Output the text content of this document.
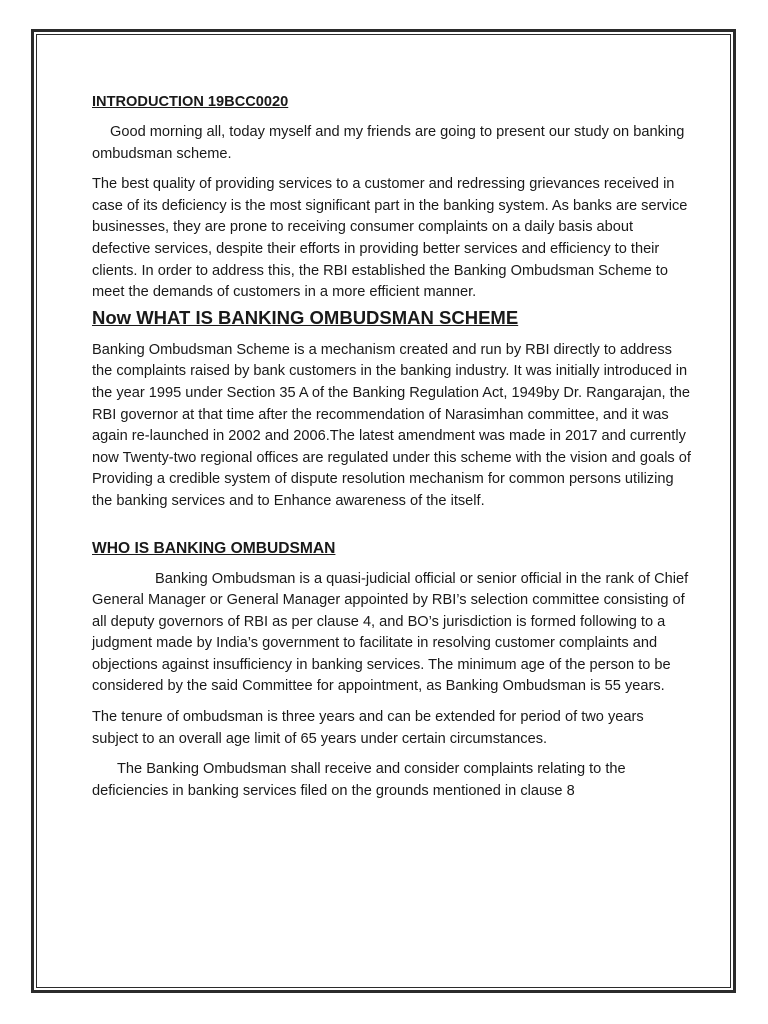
INTRODUCTION 19BCC0020

Good morning all, today myself and my friends are going to present our study on banking ombudsman scheme.

The best quality of providing services to a customer and redressing grievances received in case of its deficiency is the most significant part in the banking system. As banks are service businesses, they are prone to receiving consumer complaints on a daily basis about defective services, despite their efforts in providing better services and efficiency to their clients. In order to address this, the RBI established the Banking Ombudsman Scheme to meet the demands of customers in a more efficient manner.

Now WHAT IS BANKING OMBUDSMAN SCHEME

Banking Ombudsman Scheme is a mechanism created and run by RBI directly to address the complaints raised by bank customers in the banking industry. It was initially introduced in the year 1995 under Section 35 A of the Banking Regulation Act, 1949by Dr. Rangarajan, the RBI governor at that time after the recommendation of Narasimhan committee, and it was again re-launched in 2002 and 2006.The latest amendment was made in 2017 and currently now Twenty-two regional offices are regulated under this scheme with the vision and goals of Providing a credible system of dispute resolution mechanism for common persons utilizing the banking services and to Enhance awareness of the itself.

WHO IS BANKING OMBUDSMAN

Banking Ombudsman is a quasi-judicial official or senior official in the rank of Chief General Manager or General Manager appointed by RBI’s selection committee consisting of all deputy governors of RBI as per clause 4, and BO’s jurisdiction is formed following to a judgment made by India’s government to facilitate in resolving customer complaints and objections against insufficiency in banking services. The minimum age of the person to be considered by the said Committee for appointment, as Banking Ombudsman is 55 years.

The tenure of ombudsman is three years and can be extended for period of two years subject to an overall age limit of 65 years under certain circumstances.

The Banking Ombudsman shall receive and consider complaints relating to the deficiencies in banking services filed on the grounds mentioned in clause 8
